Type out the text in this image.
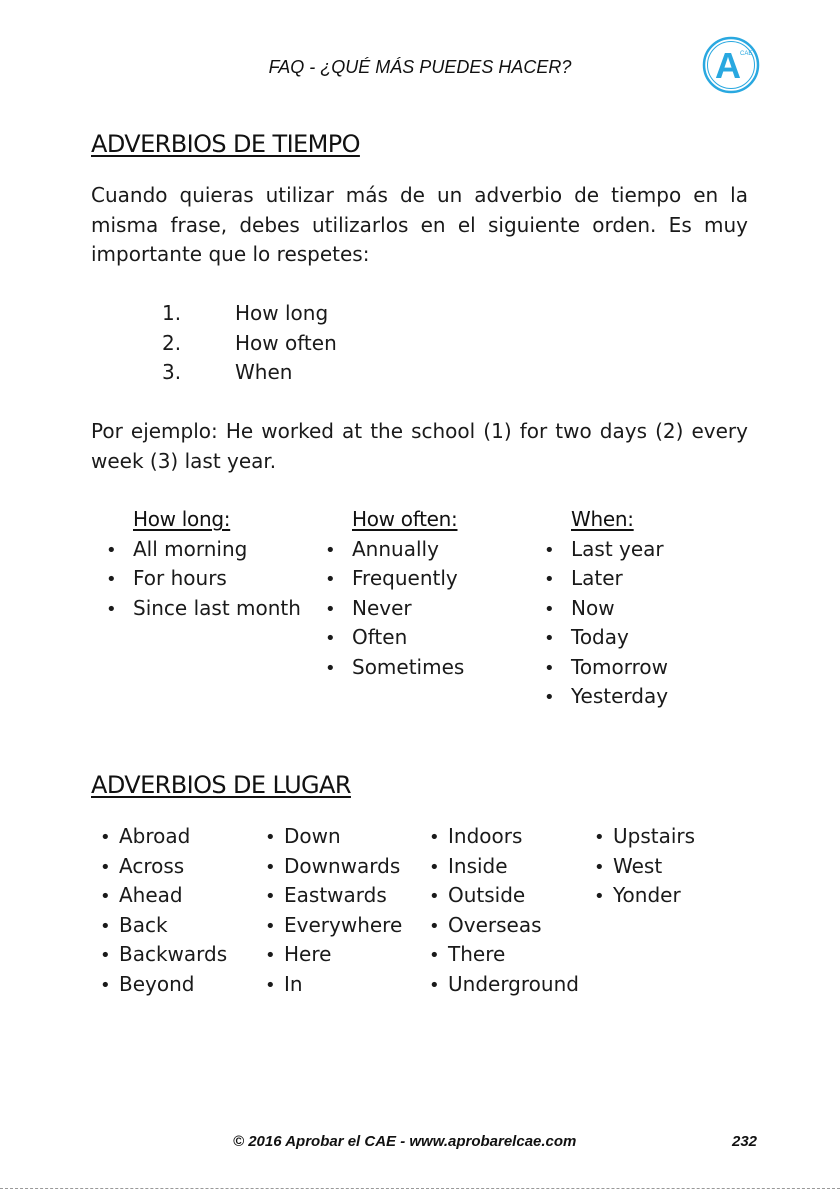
FAQ - ¿QUÉ MÁS PUEDES HACER?	A CAE
ADVERBIOS DE TIEMPO
Cuando quieras utilizar más de un adverbio de tiempo en la misma frase, debes utilizarlos en el siguiente orden. Es muy importante que lo respetes:
1.	How long
2.	How often
3.	When
Por ejemplo: He worked at the school (1) for two days (2) every week (3) last year.
How long:
• All morning
• For hours
• Since last month
How often:
• Annually
• Frequently
• Never
• Often
• Sometimes
When:
• Last year
• Later
• Now
• Today
• Tomorrow
• Yesterday
ADVERBIOS DE LUGAR
• Abroad
• Across
• Ahead
• Back
• Backwards
• Beyond
• Down
• Downwards
• Eastwards
• Everywhere
• Here
• In
• Indoors
• Inside
• Outside
• Overseas
• There
• Underground
• Upstairs
• West
• Yonder
© 2016 Aprobar el CAE - www.aprobarelcae.com	232
